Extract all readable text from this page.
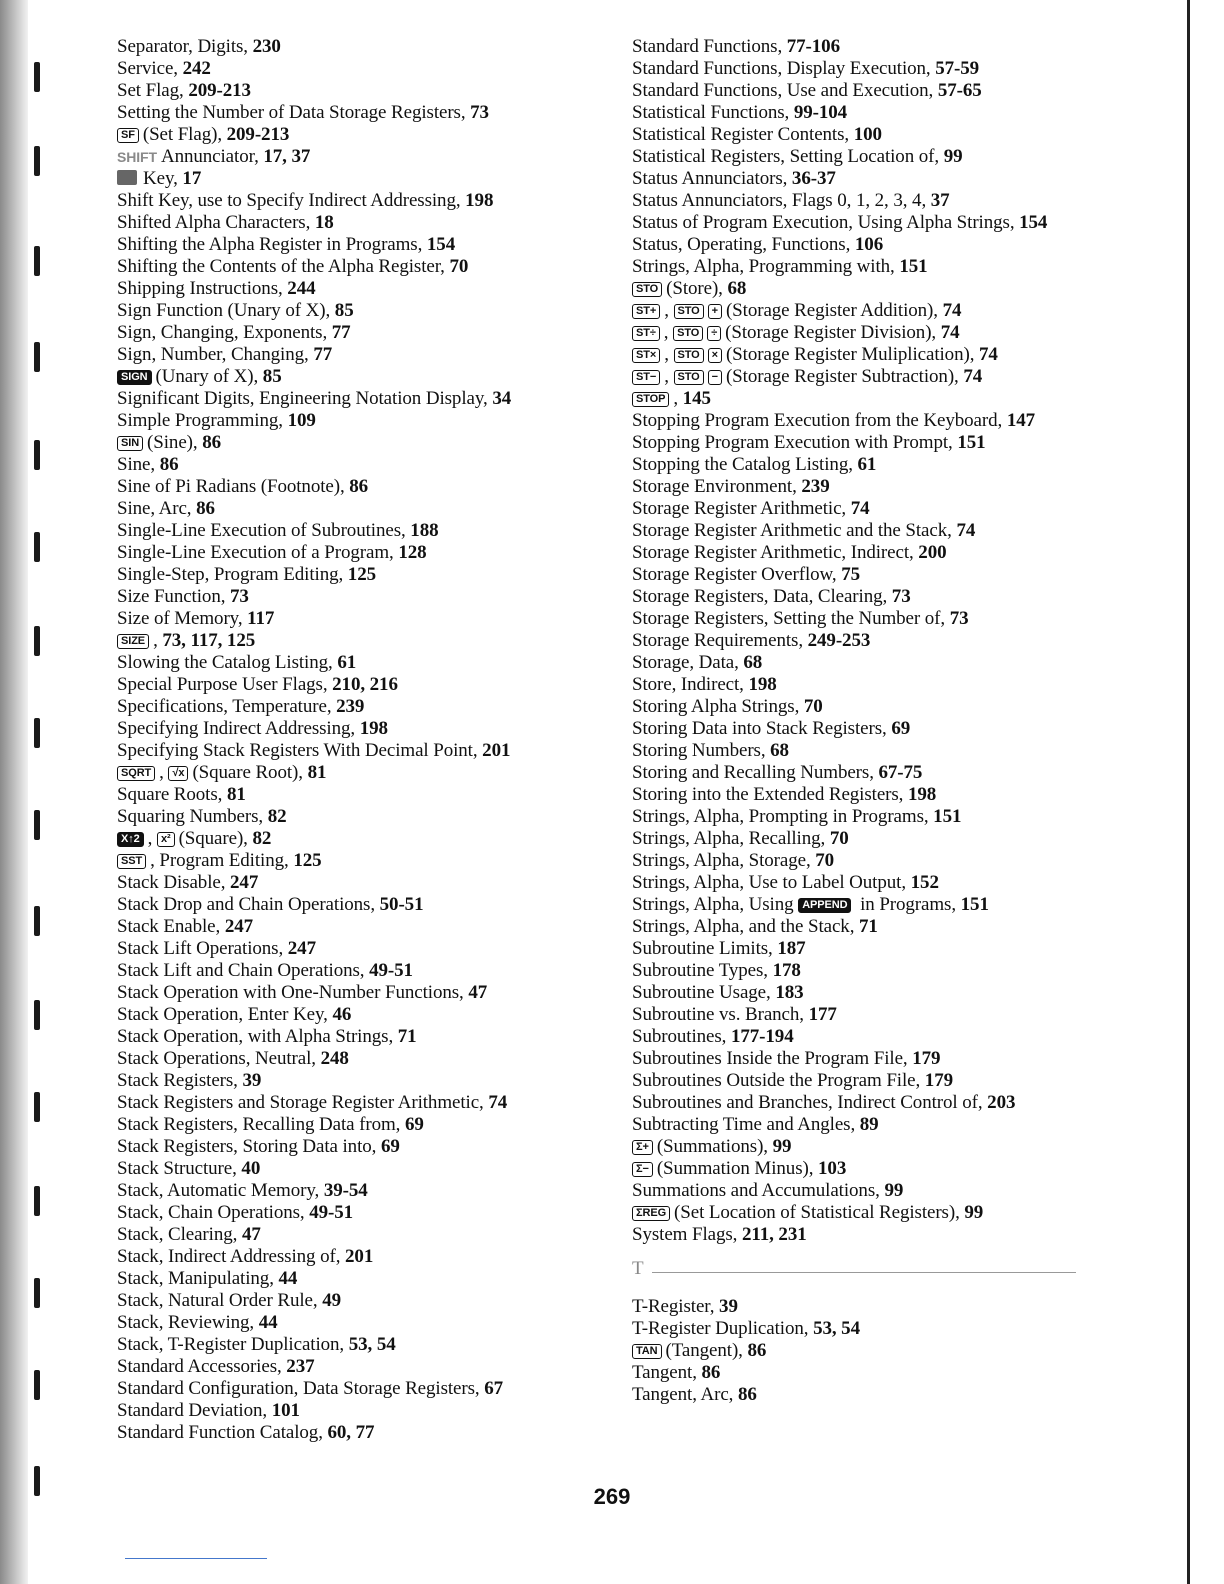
Separator, Digits, 230
Service, 242
Set Flag, 209-213
Setting the Number of Data Storage Registers, 73
SF (Set Flag), 209-213
SHIFT Annunciator, 17, 37
Key, 17
Shift Key, use to Specify Indirect Addressing, 198
Shifted Alpha Characters, 18
Shifting the Alpha Register in Programs, 154
Shifting the Contents of the Alpha Register, 70
Shipping Instructions, 244
Sign Function (Unary of X), 85
Sign, Changing, Exponents, 77
Sign, Number, Changing, 77
SIGN (Unary of X), 85
Significant Digits, Engineering Notation Display, 34
Simple Programming, 109
SIN (Sine), 86
Sine, 86
Sine of Pi Radians (Footnote), 86
Sine, Arc, 86
Single-Line Execution of Subroutines, 188
Single-Line Execution of a Program, 128
Single-Step, Program Editing, 125
Size Function, 73
Size of Memory, 117
SIZE , 73, 117, 125
Slowing the Catalog Listing, 61
Special Purpose User Flags, 210, 216
Specifications, Temperature, 239
Specifying Indirect Addressing, 198
Specifying Stack Registers With Decimal Point, 201
SQRT , √x (Square Root), 81
Square Roots, 81
Squaring Numbers, 82
X↑2 , x² (Square), 82
SST , Program Editing, 125
Stack Disable, 247
Stack Drop and Chain Operations, 50-51
Stack Enable, 247
Stack Lift Operations, 247
Stack Lift and Chain Operations, 49-51
Stack Operation with One-Number Functions, 47
Stack Operation, Enter Key, 46
Stack Operation, with Alpha Strings, 71
Stack Operations, Neutral, 248
Stack Registers, 39
Stack Registers and Storage Register Arithmetic, 74
Stack Registers, Recalling Data from, 69
Stack Registers, Storing Data into, 69
Stack Structure, 40
Stack, Automatic Memory, 39-54
Stack, Chain Operations, 49-51
Stack, Clearing, 47
Stack, Indirect Addressing of, 201
Stack, Manipulating, 44
Stack, Natural Order Rule, 49
Stack, Reviewing, 44
Stack, T-Register Duplication, 53, 54
Standard Accessories, 237
Standard Configuration, Data Storage Registers, 67
Standard Deviation, 101
Standard Function Catalog, 60, 77
Standard Functions, 77-106
Standard Functions, Display Execution, 57-59
Standard Functions, Use and Execution, 57-65
Statistical Functions, 99-104
Statistical Register Contents, 100
Statistical Registers, Setting Location of, 99
Status Annunciators, 36-37
Status Annunciators, Flags 0, 1, 2, 3, 4, 37
Status of Program Execution, Using Alpha Strings, 154
Status, Operating, Functions, 106
Strings, Alpha, Programming with, 151
STO (Store), 68
ST+ , STO + (Storage Register Addition), 74
ST÷ , STO ÷ (Storage Register Division), 74
ST× , STO × (Storage Register Muliplication), 74
ST− , STO − (Storage Register Subtraction), 74
STOP , 145
Stopping Program Execution from the Keyboard, 147
Stopping Program Execution with Prompt, 151
Stopping the Catalog Listing, 61
Storage Environment, 239
Storage Register Arithmetic, 74
Storage Register Arithmetic and the Stack, 74
Storage Register Arithmetic, Indirect, 200
Storage Register Overflow, 75
Storage Registers, Data, Clearing, 73
Storage Registers, Setting the Number of, 73
Storage Requirements, 249-253
Storage, Data, 68
Store, Indirect, 198
Storing Alpha Strings, 70
Storing Data into Stack Registers, 69
Storing Numbers, 68
Storing and Recalling Numbers, 67-75
Storing into the Extended Registers, 198
Strings, Alpha, Prompting in Programs, 151
Strings, Alpha, Recalling, 70
Strings, Alpha, Storage, 70
Strings, Alpha, Use to Label Output, 152
Strings, Alpha, Using APPEND in Programs, 151
Strings, Alpha, and the Stack, 71
Subroutine Limits, 187
Subroutine Types, 178
Subroutine Usage, 183
Subroutine vs. Branch, 177
Subroutines, 177-194
Subroutines Inside the Program File, 179
Subroutines Outside the Program File, 179
Subroutines and Branches, Indirect Control of, 203
Subtracting Time and Angles, 89
Σ+ (Summations), 99
Σ− (Summation Minus), 103
Summations and Accumulations, 99
ΣREG (Set Location of Statistical Registers), 99
System Flags, 211, 231
T
T-Register, 39
T-Register Duplication, 53, 54
TAN (Tangent), 86
Tangent, 86
Tangent, Arc, 86
269
